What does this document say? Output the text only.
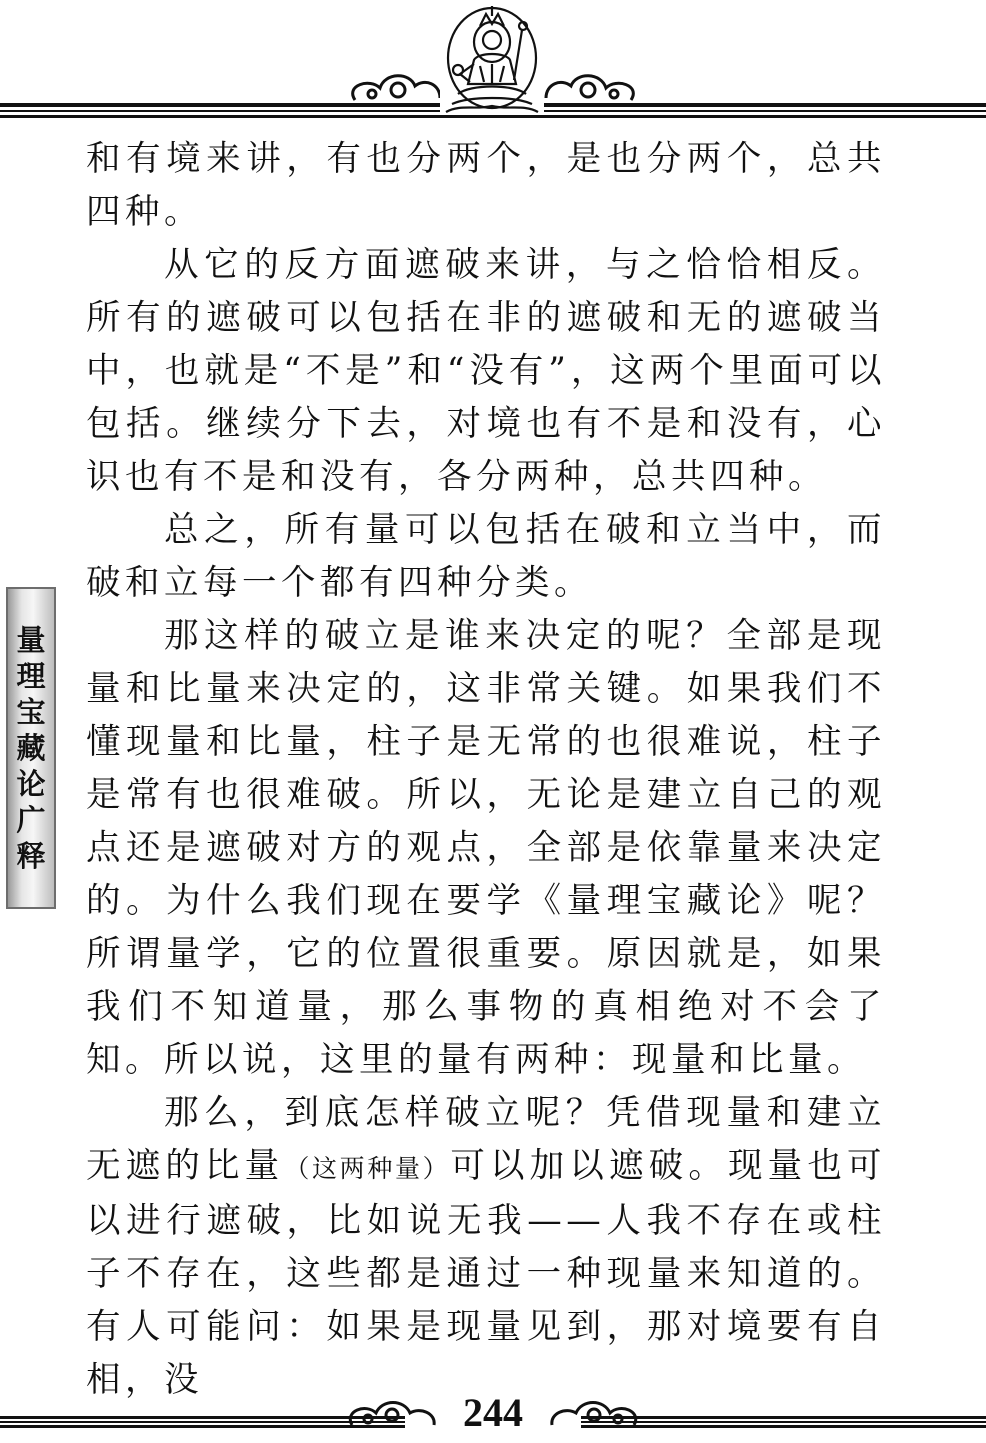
量
理
宝
藏
论
广
释

和有境来讲，有也分两个，是也分两个，总共四种。

从它的反方面遮破来讲，与之恰恰相反。所有的遮破可以包括在非的遮破和无的遮破当中，也就是“不是”和“没有”，这两个里面可以包括。继续分下去，对境也有不是和没有，心识也有不是和没有，各分两种，总共四种。

总之，所有量可以包括在破和立当中，而破和立每一个都有四种分类。

那这样的破立是谁来决定的呢？全部是现量和比量来决定的，这非常关键。如果我们不懂现量和比量，柱子是无常的也很难说，柱子是常有也很难破。所以，无论是建立自己的观点还是遮破对方的观点，全部是依靠量来决定的。为什么我们现在要学《量理宝藏论》呢？所谓量学，它的位置很重要。原因就是，如果我们不知道量，那么事物的真相绝对不会了知。所以说，这里的量有两种：现量和比量。

那么，到底怎样破立呢？凭借现量和建立无遮的比量（这两种量）可以加以遮破。现量也可以进行遮破，比如说无我——人我不存在或柱子不存在，这些都是通过一种现量来知道的。有人可能问：如果是现量见到，那对境要有自相，没

244
